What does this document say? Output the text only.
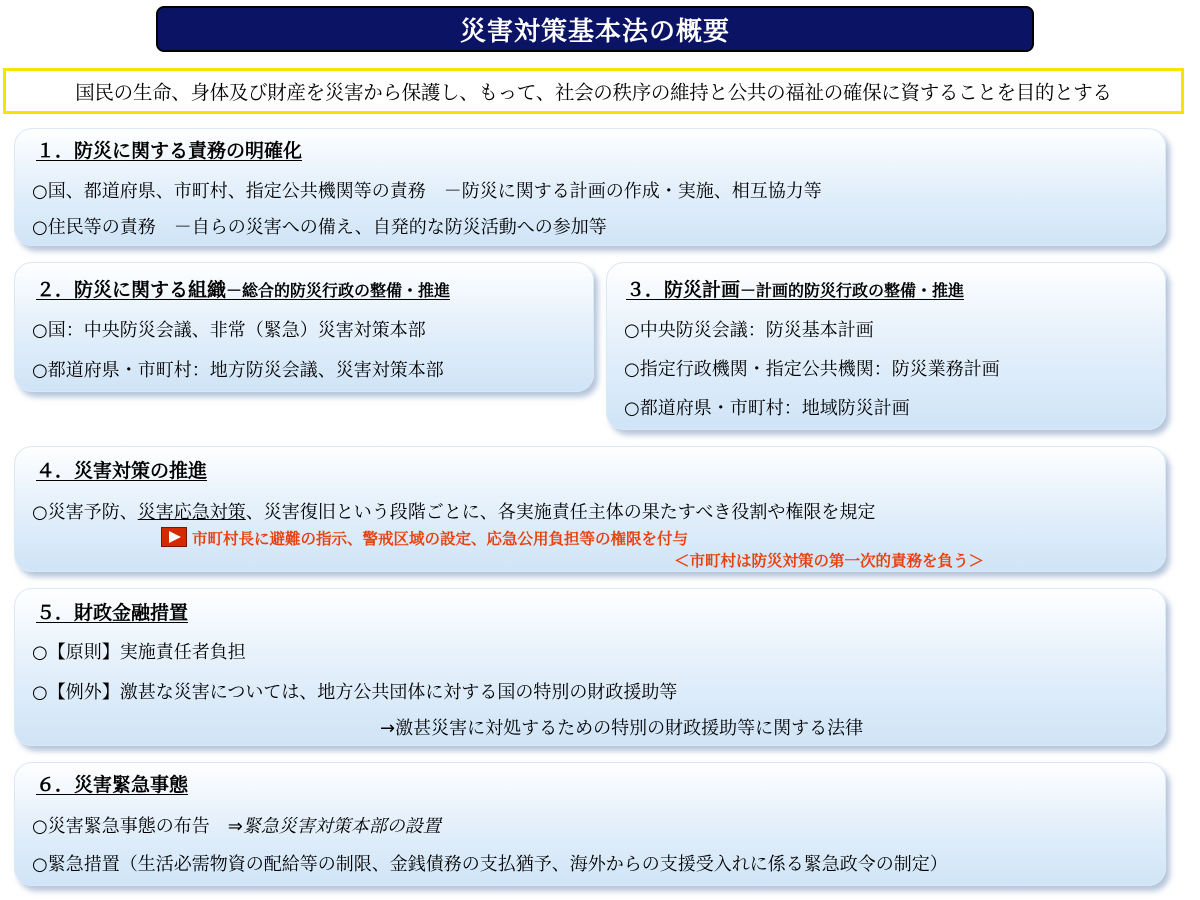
災害対策基本法の概要
国民の生命、身体及び財産を災害から保護し、もって、社会の秩序の維持と公共の福祉の確保に資することを目的とする
１．防災に関する責務の明確化
○国、都道府県、市町村、指定公共機関等の責務　－防災に関する計画の作成・実施、相互協力等
○住民等の責務　－自らの災害への備え、自発的な防災活動への参加等
２．防災に関する組織－総合的防災行政の整備・推進
○国：中央防災会議、非常（緊急）災害対策本部
○都道府県・市町村：地方防災会議、災害対策本部
３．防災計画－計画的防災行政の整備・推進
○中央防災会議：防災基本計画
○指定行政機関・指定公共機関：防災業務計画
○都道府県・市町村：地域防災計画
４．災害対策の推進
○災害予防、災害応急対策、災害復旧という段階ごとに、各実施責任主体の果たすべき役割や権限を規定
市町村長に避難の指示、警戒区域の設定、応急公用負担等の権限を付与
＜市町村は防災対策の第一次的責務を負う＞
５．財政金融措置
○【原則】実施責任者負担
○【例外】激甚な災害については、地方公共団体に対する国の特別の財政援助等
→激甚災害に対処するための特別の財政援助等に関する法律
６．災害緊急事態
○災害緊急事態の布告　⇒緊急災害対策本部の設置
○緊急措置（生活必需物資の配給等の制限、金銭債務の支払猶予、海外からの支援受入れに係る緊急政令の制定）
